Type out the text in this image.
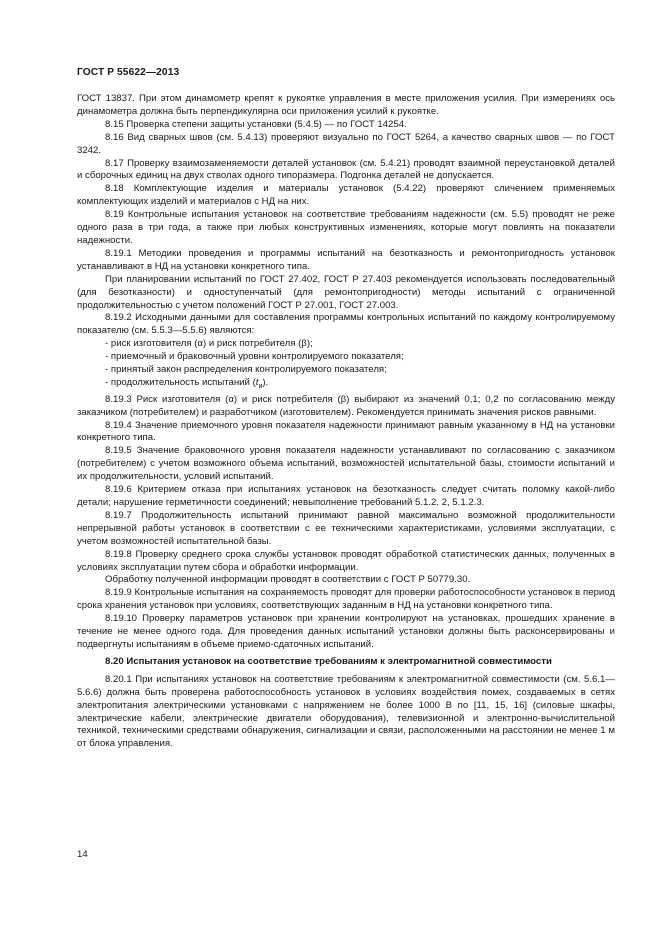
ГОСТ Р 55622—2013

ГОСТ 13837. При этом динамометр крепят к рукоятке управления в месте приложения усилия. При измерениях ось динамометра должна быть перпендикулярна оси приложения усилий к рукоятке.

8.15 Проверка степени защиты установки (5.4.5) — по ГОСТ 14254.

8.16 Вид сварных швов (см. 5.4.13) проверяют визуально по ГОСТ 5264, а качество сварных швов — по ГОСТ 3242.

8.17 Проверку взаимозаменяемости деталей установок (см. 5.4.21) проводят взаимной переустановкой деталей и сборочных единиц на двух стволах одного типоразмера. Подгонка деталей не допускается.

8.18 Комплектующие изделия и материалы установок (5.4.22) проверяют сличением применяемых комплектующих изделий и материалов с НД на них.

8.19 Контрольные испытания установок на соответствие требованиям надежности (см. 5.5) проводят не реже одного раза в три года, а также при любых конструктивных изменениях, которые могут повлиять на показатели надежности.

8.19.1 Методики проведения и программы испытаний на безотказность и ремонтопригодность установок устанавливают в НД на установки конкретного типа.

При планировании испытаний по ГОСТ 27.402, ГОСТ Р 27.403 рекомендуется использовать последовательный (для безотказности) и одноступенчатый (для ремонтопригодности) методы испытаний с ограниченной продолжительностью с учетом положений ГОСТ Р 27.001, ГОСТ 27.003.

8.19.2 Исходными данными для составления программы контрольных испытаний по каждому контролируемому показателю (см. 5.5.3—5.5.6) являются:

- риск изготовителя (α) и риск потребителя (β);

- приемочный и браковочный уровни контролируемого показателя;

- принятый закон распределения контролируемого показателя;

- продолжительность испытаний $(t_и)$.

8.19.3 Риск изготовителя (α) и риск потребителя (β) выбирают из значений 0,1; 0,2 по согласованию между заказчиком (потребителем) и разработчиком (изготовителем). Рекомендуется принимать значения рисков равными.

8.19.4 Значение приемочного уровня показателя надежности принимают равным указанному в НД на установки конкретного типа.

8.19.5 Значение браковочного уровня показателя надежности устанавливают по согласованию с заказчиком (потребителем) с учетом возможного объема испытаний, возможностей испытательной базы, стоимости испытаний и их продолжительности, условий испытаний.

8.19.6 Критерием отказа при испытаниях установок на безотказность следует считать поломку какой-либо детали; нарушение герметичности соединений; невыполнение требований 5.1.2. 2, 5.1.2.3.

8.19.7 Продолжительность испытаний принимают равной максимально возможной продолжительности непрерывной работы установок в соответствии с ее техническими характеристиками, условиями эксплуатации, с учетом возможностей испытательной базы.

8.19.8 Проверку среднего срока службы установок проводят обработкой статистических данных, полученных в условиях эксплуатации путем сбора и обработки информации.

Обработку полученной информации проводят в соответствии с ГОСТ Р 50779.30.

8.19.9 Контрольные испытания на сохраняемость проводят для проверки работоспособности установок в период срока хранения установок при условиях, соответствующих заданным в НД на установки конкретного типа.

8.19.10 Проверку параметров установок при хранении контролируют на установках, прошедших хранение в течение не менее одного года. Для проведения данных испытаний установки должны быть расконсервированы и подвергнуты испытаниям в объеме приемо-сдаточных испытаний.

8.20 Испытания установок на соответствие требованиям к электромагнитной совместимости

8.20.1 При испытаниях установок на соответствие требованиям к электромагнитной совместимости (см. 5.6.1—5.6.6) должна быть проверена работоспособность установок в условиях воздействия помех, создаваемых в сетях электропитания электрическими установками с напряжением не более 1000 В по [11, 15, 16] (силовые шкафы, электрические кабели, электрические двигатели оборудования), телевизионной и электронно-вычислительной техникой, техническими средствами обнаружения, сигнализации и связи, расположенными на расстоянии не менее 1 м от блока управления.

14
